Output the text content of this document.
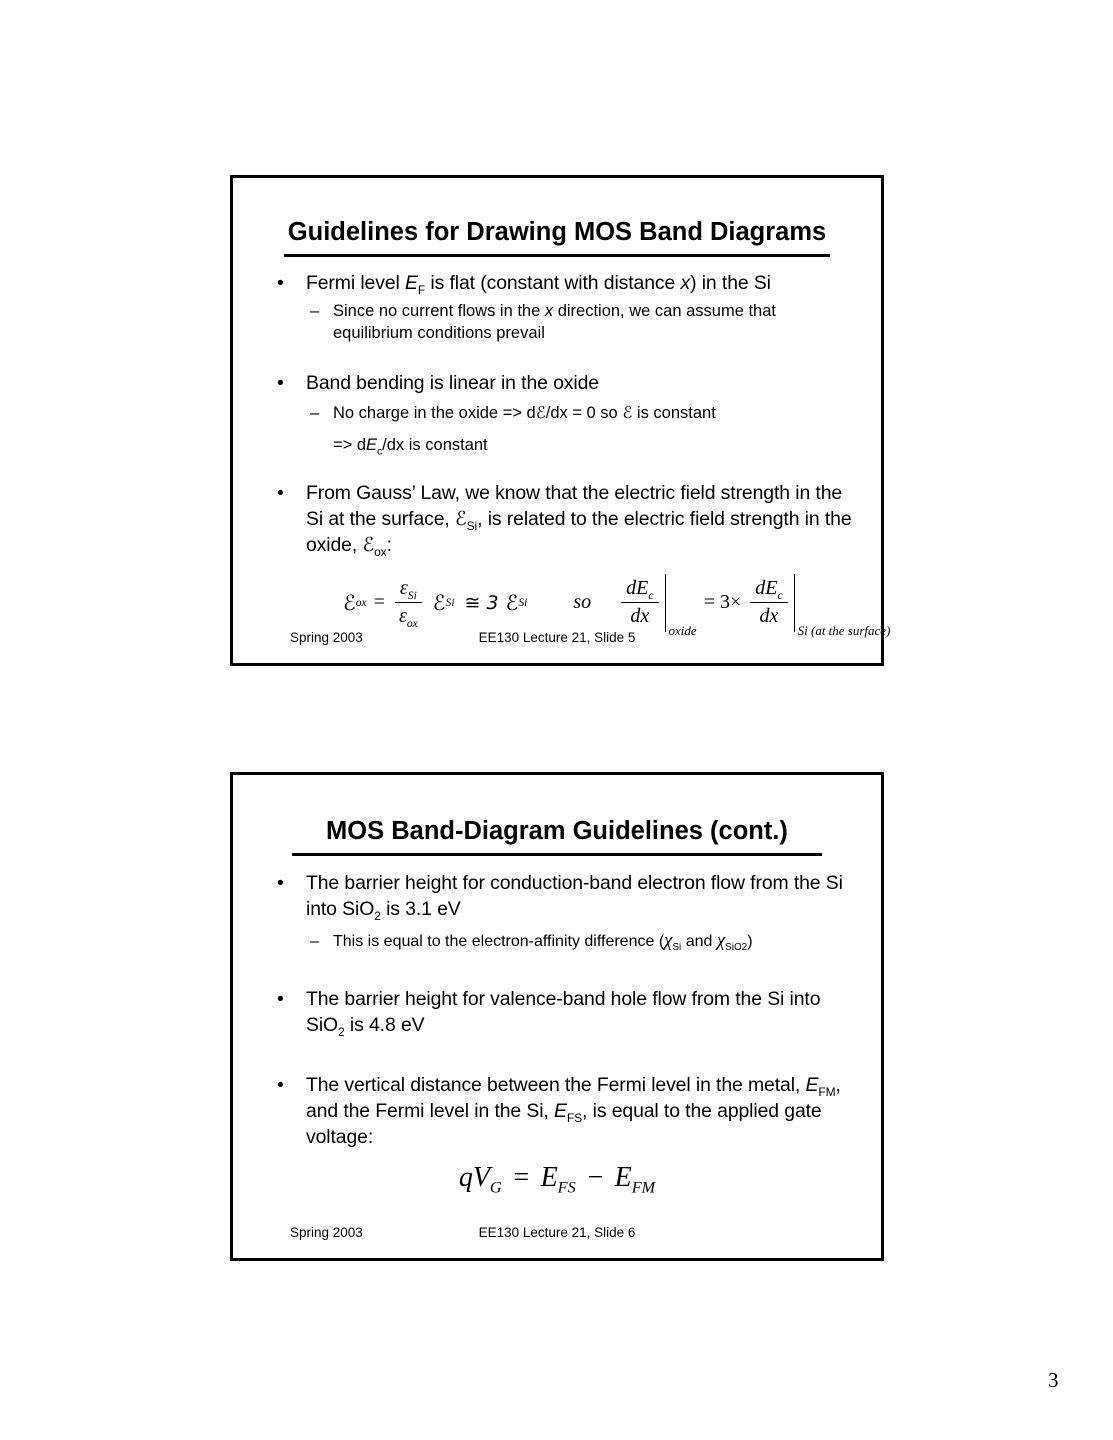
Guidelines for Drawing MOS Band Diagrams
•	Fermi level $E_F$ is flat (constant with distance x) in the Si
– Since no current flows in the x direction, we can assume that equilibrium conditions prevail
•	Band bending is linear in the oxide
– No charge in the oxide => dℰ/dx = 0 so ℰ is constant
=> $dE_c/dx$ is constant
•	From Gauss’ Law, we know that the electric field strength in the Si at the surface, ℰ$_{Si}$, is related to the electric field strength in the oxide, ℰ$_{ox}$:
ℰ ox = $\frac{\varepsilon_{Si}}{\varepsilon_{ox}}$ ℰ Si ≅ 3 ℰ Si so $\frac{dE_c}{dx}$
oxide
= $3\times \frac{dE_c}{dx}$
Si (at the surface)
Spring 2003	EE130 Lecture 21, Slide 5
MOS Band-Diagram Guidelines (cont.)
•	The barrier height for conduction-band electron flow from the Si into SiO$_2$ is 3.1 eV
– This is equal to the electron-affinity difference ($\chi_{Si}$ and $\chi_{SiO2}$)
•	The barrier height for valence-band hole flow from the Si into SiO$_2$ is 4.8 eV
•	The vertical distance between the Fermi level in the metal, $E_{FM}$, and the Fermi level in the Si, $E_{FS}$, is equal to the applied gate voltage:
$qV_G = E_{FS} - E_{FM}$
Spring 2003	EE130 Lecture 21, Slide 6
3
